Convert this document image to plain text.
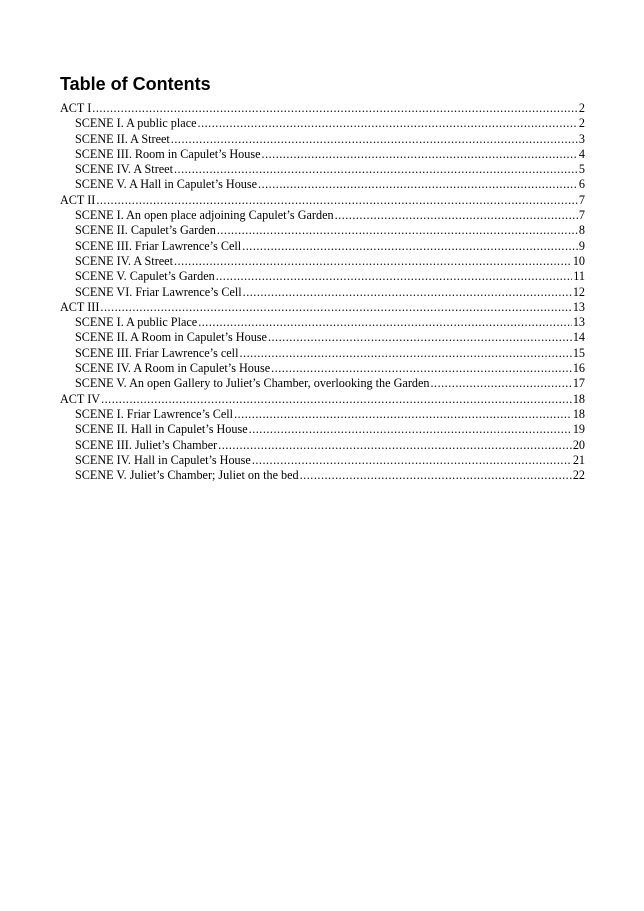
Table of Contents
ACT I .....	2
SCENE I. A public place .....	2
SCENE II. A Street .....	3
SCENE III. Room in Capulet’s House .....	4
SCENE IV. A Street .....	5
SCENE V. A Hall in Capulet’s House .....	6
ACT II .....	7
SCENE I. An open place adjoining Capulet’s Garden .....	7
SCENE II. Capulet’s Garden .....	8
SCENE III. Friar Lawrence’s Cell .....	9
SCENE IV. A Street .....	10
SCENE V. Capulet’s Garden .....	11
SCENE VI. Friar Lawrence’s Cell .....	12
ACT III .....	13
SCENE I. A public Place .....	13
SCENE II. A Room in Capulet’s House .....	14
SCENE III. Friar Lawrence’s cell .....	15
SCENE IV. A Room in Capulet’s House .....	16
SCENE V. An open Gallery to Juliet’s Chamber, overlooking the Garden .....	17
ACT IV .....	18
SCENE I. Friar Lawrence’s Cell .....	18
SCENE II. Hall in Capulet’s House .....	19
SCENE III. Juliet’s Chamber .....	20
SCENE IV. Hall in Capulet’s House .....	21
SCENE V. Juliet’s Chamber; Juliet on the bed .....	22
